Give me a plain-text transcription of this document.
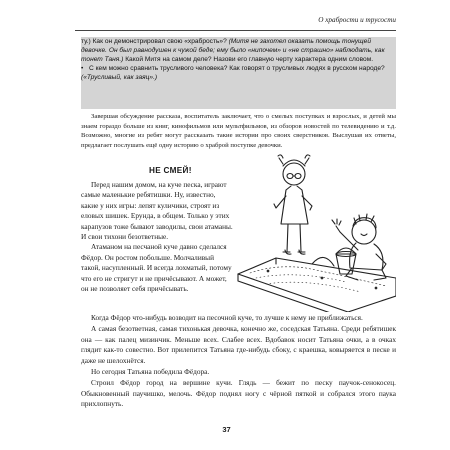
О храбрости и трусости

ту.) Как он демонстрировал свою «храбрость»? (Митя не захотел оказать помощь тонущей девочке. Он был равнодушен к чужой беде; ему было «нипочем» и «не страшно» наблюдать, как тонет Таня.) Какой Митя на самом деле? Назови его главную черту характера одним словом.

• С кем можно сравнить трусливого человека? Как говорят о трусливых людях в русском народе? («Трусливый, как заяц».)

Завершая обсуждение рассказа, воспитатель заключает, что о смелых поступках и взрослых, и детей мы знаем гораздо больше из книг, кинофильмов или мультфильмов, из обзоров новостей по телевидению и т.д. Возможно, многие из ребят могут рассказать такие истории про своих сверстников. Выслушав их ответы, предлагает послушать ещё одну историю о храброй поступке девочки.

НЕ СМЕЙ!

Перед нашим домом, на куче песка, играют самые маленькие ребятишки. Ну, известно, какие у них игры: лепят куличики, строят из еловых шишек. Ерунда, в общем. Только у этих карапузов тоже бывают заводилы, свои атаманы. И свои тихони безответные.

Атаманом на песчаной куче давно сделался Фёдор. Он ростом побольше. Молчаливый такой, насупленный. И всегда лохматый, потому что его не стригут и не причёсывают. А может, он не позволяет себя причёсывать.

Когда Фёдор что-нибудь возводит на песочной куче, то лучше к нему не приближаться.

А самая безответная, самая тихонькая девочка, конечно же, соседская Татьяна. Среди ребятишек она — как палец мизинчик. Меньше всех. Слабее всех. Вдобавок носит Татьяна очки, а в очках глядит как-то совестно. Вот прилепится Татьяна где-нибудь сбоку, с краешка, ковыряется в песке и даже не шелохнётся.

Но сегодня Татьяна победила Фёдора.

Строил Фёдор город на вершине кучи. Глядь — бежит по песку паучок-сенокосец. Обыкновенный паучишко, мелочь. Фёдор поднял ногу с чёрной пяткой и собрался этого паука прихлопнуть.

37
